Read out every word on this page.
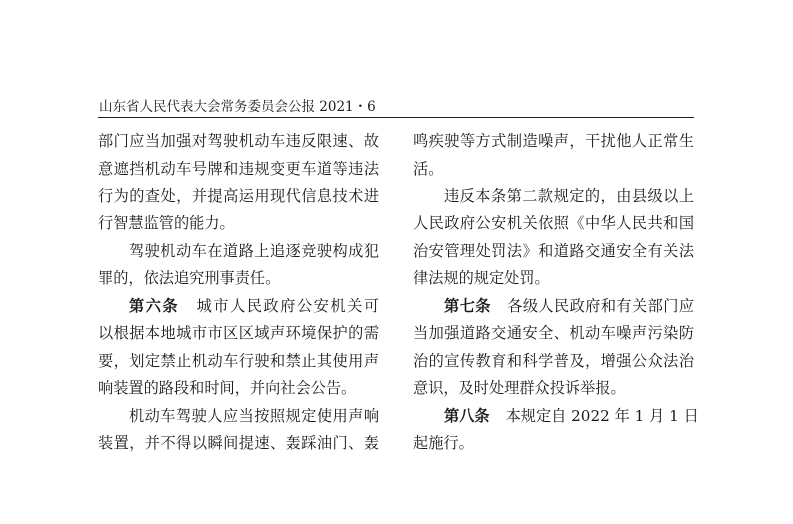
山东省人民代表大会常务委员会公报 2021・6
部门应当加强对驾驶机动车违反限速、故
意遮挡机动车号牌和违规变更车道等违法
行为的查处，并提高运用现代信息技术进
行智慧监管的能力。
驾驶机动车在道路上追逐竞驶构成犯
罪的，依法追究刑事责任。
第六条 城市人民政府公安机关可
以根据本地城市市区区域声环境保护的需
要，划定禁止机动车行驶和禁止其使用声
响装置的路段和时间，并向社会公告。
机动车驾驶人应当按照规定使用声响
装置，并不得以瞬间提速、轰踩油门、轰
鸣疾驶等方式制造噪声，干扰他人正常生
活。
违反本条第二款规定的，由县级以上
人民政府公安机关依照《中华人民共和国
治安管理处罚法》和道路交通安全有关法
律法规的规定处罚。
第七条 各级人民政府和有关部门应
当加强道路交通安全、机动车噪声污染防
治的宣传教育和科学普及，增强公众法治
意识，及时处理群众投诉举报。
第八条 本规定自 2022 年 1 月 1 日
起施行。
